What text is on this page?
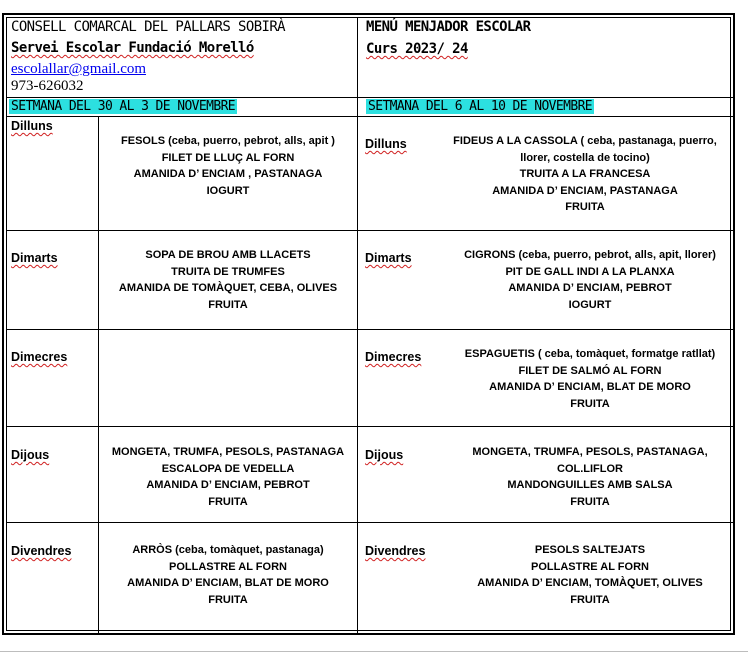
CONSELL COMARCAL DEL PALLARS SOBIRÀ
Servei Escolar Fundació Morelló
escolallar@gmail.com
973-626032
MENÚ MENJADOR ESCOLAR
Curs 2023/ 24
SETMANA DEL 30 AL 3 DE NOVEMBRE	SETMANA DEL 6 AL 10 DE NOVEMBRE
Dilluns
Dimarts
Dimecres
Dijous
Divendres
Dilluns
Dimarts
Dimecres
Dijous
Divendres
FESOLS (ceba, puerro, pebrot, alls, apit )
FILET DE LLUÇ AL FORN
AMANIDA D’ ENCIAM , PASTANAGA
IOGURT
SOPA DE BROU AMB LLACETS
TRUITA DE TRUMFES
AMANIDA DE TOMÀQUET, CEBA, OLIVES
FRUITA
MONGETA, TRUMFA, PESOLS, PASTANAGA
ESCALOPA DE VEDELLA
AMANIDA D’ ENCIAM, PEBROT
FRUITA
ARRÒS (ceba, tomàquet, pastanaga)
POLLASTRE AL FORN
AMANIDA D’ ENCIAM, BLAT DE MORO
FRUITA
FIDEUS A LA CASSOLA ( ceba, pastanaga, puerro,
llorer, costella de tocino)
TRUITA A LA FRANCESA
AMANIDA D’ ENCIAM, PASTANAGA
FRUITA
CIGRONS (ceba, puerro, pebrot, alls, apit, llorer)
PIT DE GALL INDI A LA PLANXA
AMANIDA D’ ENCIAM, PEBROT
IOGURT
ESPAGUETIS ( ceba, tomàquet, formatge ratllat)
FILET DE SALMÓ AL FORN
AMANIDA D’ ENCIAM, BLAT DE MORO
FRUITA
MONGETA, TRUMFA, PESOLS, PASTANAGA,
COL.LIFLOR
MANDONGUILLES AMB SALSA
FRUITA
PESOLS SALTEJATS
POLLASTRE AL FORN
AMANIDA D’ ENCIAM, TOMÀQUET, OLIVES
FRUITA
